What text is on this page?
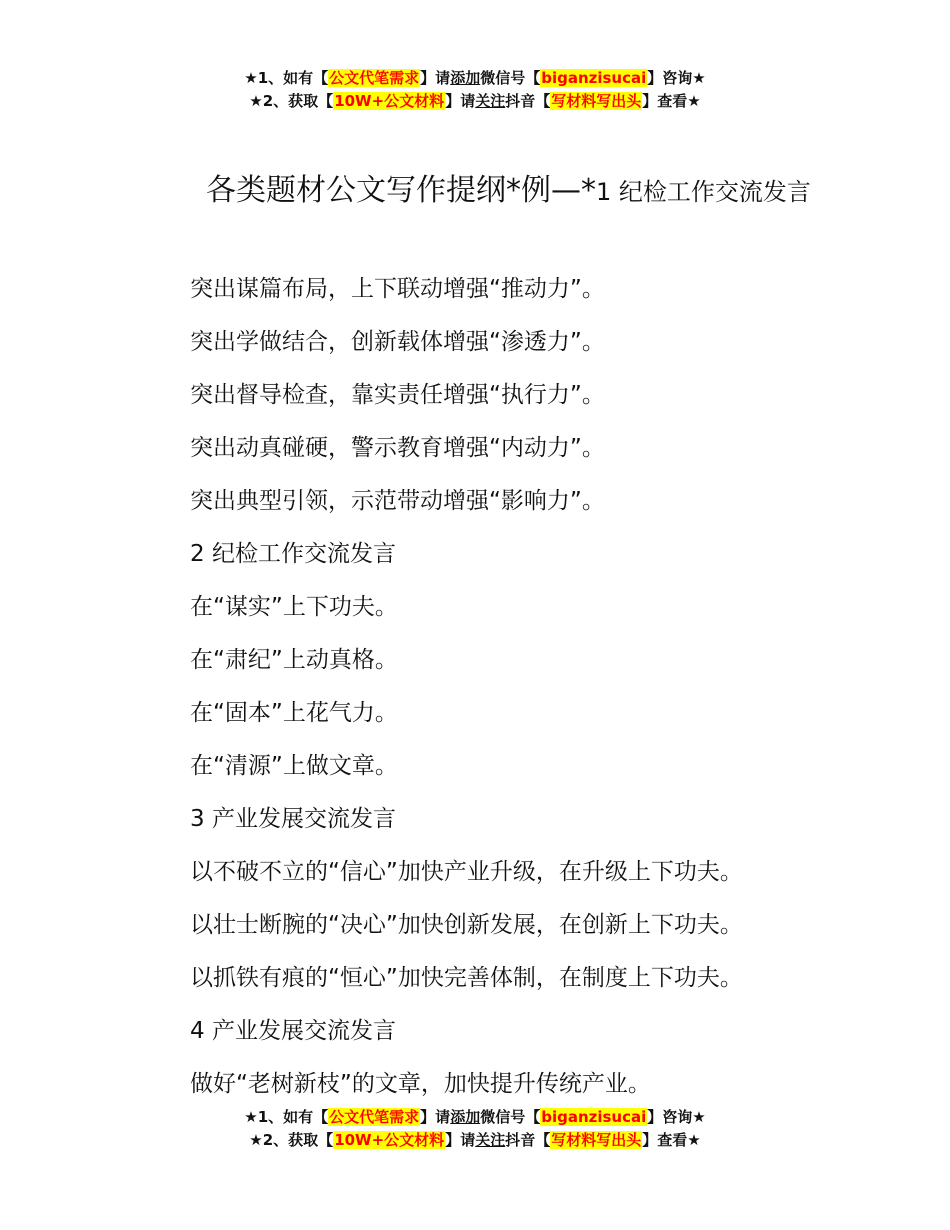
★1、如有【公文代笔需求】请添加微信号【biganzisucai】咨询★
★2、获取【10W+公文材料】请关注抖音【写材料写出头】查看★
各类题材公文写作提纲*例—*1 纪检工作交流发言
突出谋篇布局，上下联动增强“推动力”。
突出学做结合，创新载体增强“渗透力”。
突出督导检查，靠实责任增强“执行力”。
突出动真碰硬，警示教育增强“内动力”。
突出典型引领，示范带动增强“影响力”。
2 纪检工作交流发言
在“谋实”上下功夫。
在“肃纪”上动真格。
在“固本”上花气力。
在“清源”上做文章。
3 产业发展交流发言
以不破不立的“信心”加快产业升级，在升级上下功夫。
以壮士断腕的“决心”加快创新发展，在创新上下功夫。
以抓铁有痕的“恒心”加快完善体制，在制度上下功夫。
4 产业发展交流发言
做好“老树新枝”的文章，加快提升传统产业。
★1、如有【公文代笔需求】请添加微信号【biganzisucai】咨询★
★2、获取【10W+公文材料】请关注抖音【写材料写出头】查看★
